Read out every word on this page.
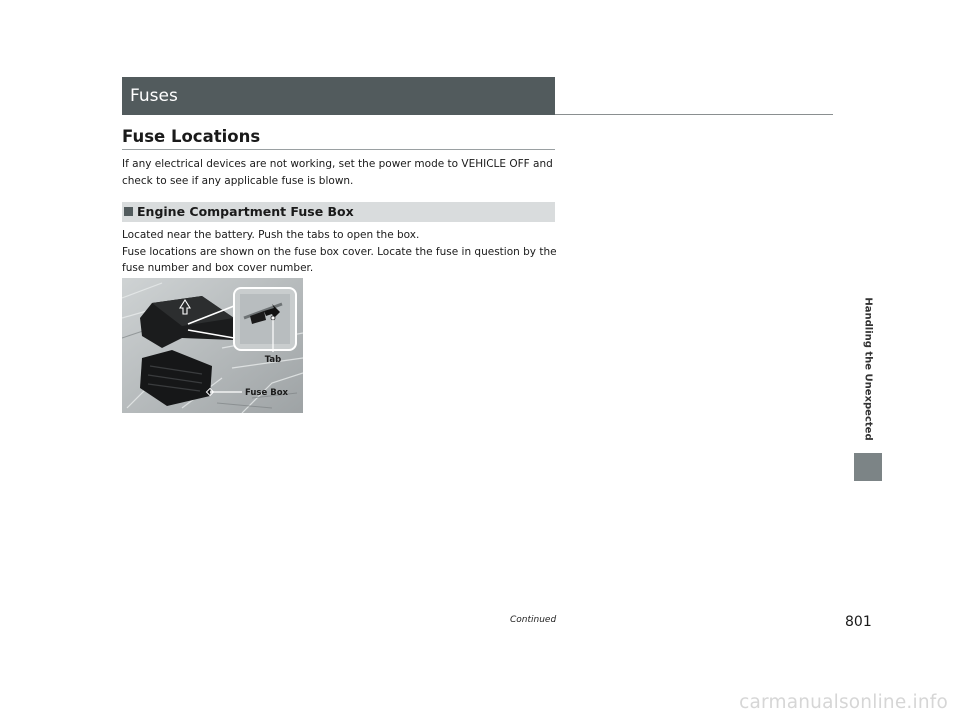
Fuses
Fuse Locations

If any electrical devices are not working, set the power mode to VEHICLE OFF and check to see if any applicable fuse is blown.

Engine Compartment Fuse Box

Located near the battery. Push the tabs to open the box.

Fuse locations are shown on the fuse box cover. Locate the fuse in question by the fuse number and box cover number.

Tab
Fuse Box	Handling the Unexpected
Continued	801
carmanualsonline.info
